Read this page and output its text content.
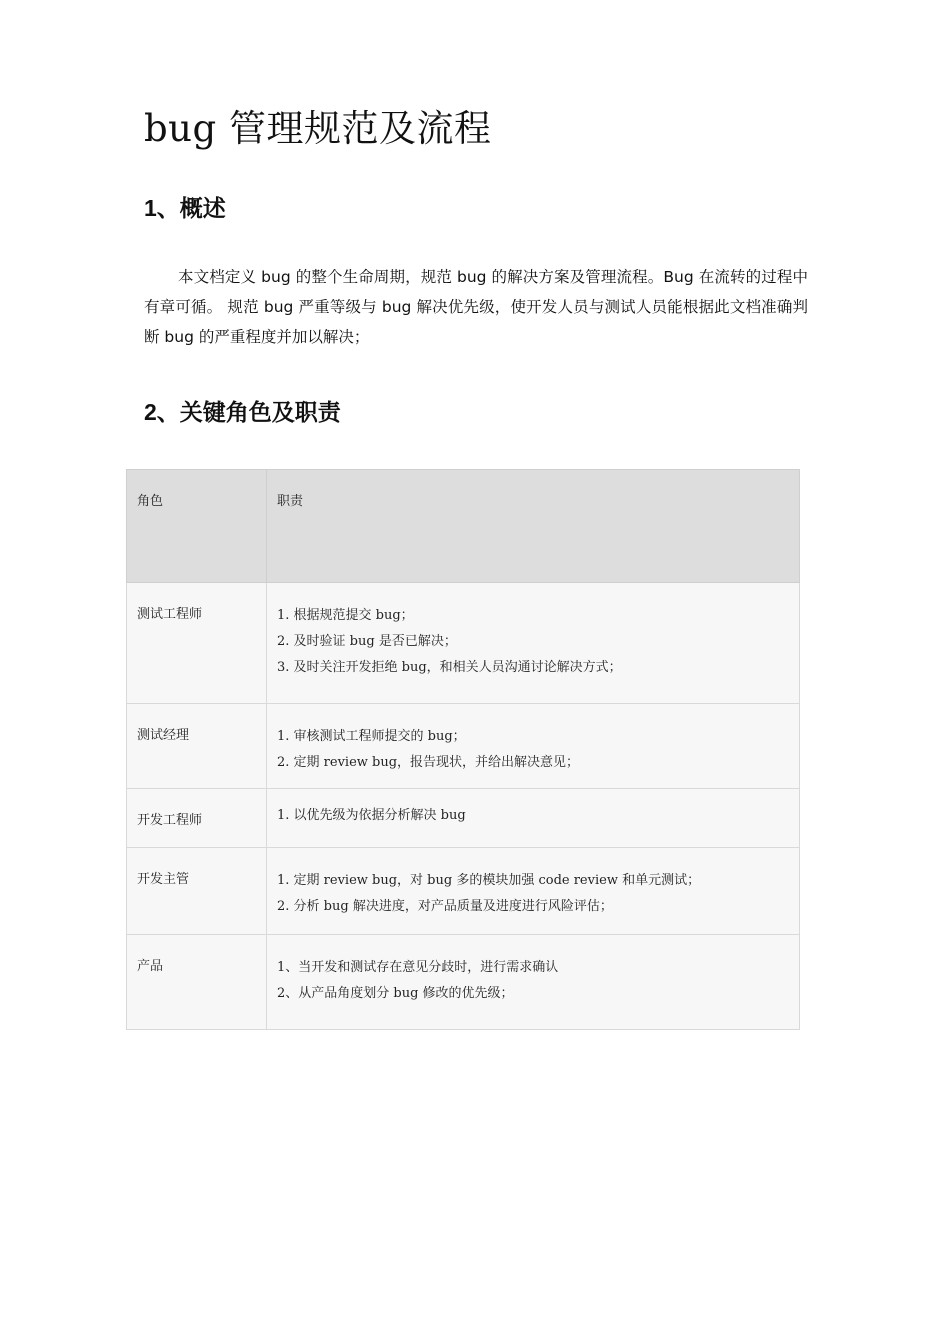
bug 管理规范及流程
1、概述

本文档定义 bug 的整个生命周期，规范 bug 的解决方案及管理流程。Bug 在流转的过程中有章可循。 规范 bug 严重等级与 bug 解决优先级，使开发人员与测试人员能根据此文档准确判断 bug 的严重程度并加以解决；

2、关键角色及职责
角色	职责
测试工程师	1. 根据规范提交 bug；
2. 及时验证 bug 是否已解决；
3. 及时关注开发拒绝 bug，和相关人员沟通讨论解决方式；

测试经理	1. 审核测试工程师提交的 bug；
2. 定期 review bug，报告现状，并给出解决意见；

开发工程师	1. 以优先级为依据分析解决 bug

开发主管	1. 定期 review bug，对 bug 多的模块加强 code review 和单元测试；
2. 分析 bug 解决进度，对产品质量及进度进行风险评估；

产品	1、当开发和测试存在意见分歧时，进行需求确认
2、从产品角度划分 bug 修改的优先级；
